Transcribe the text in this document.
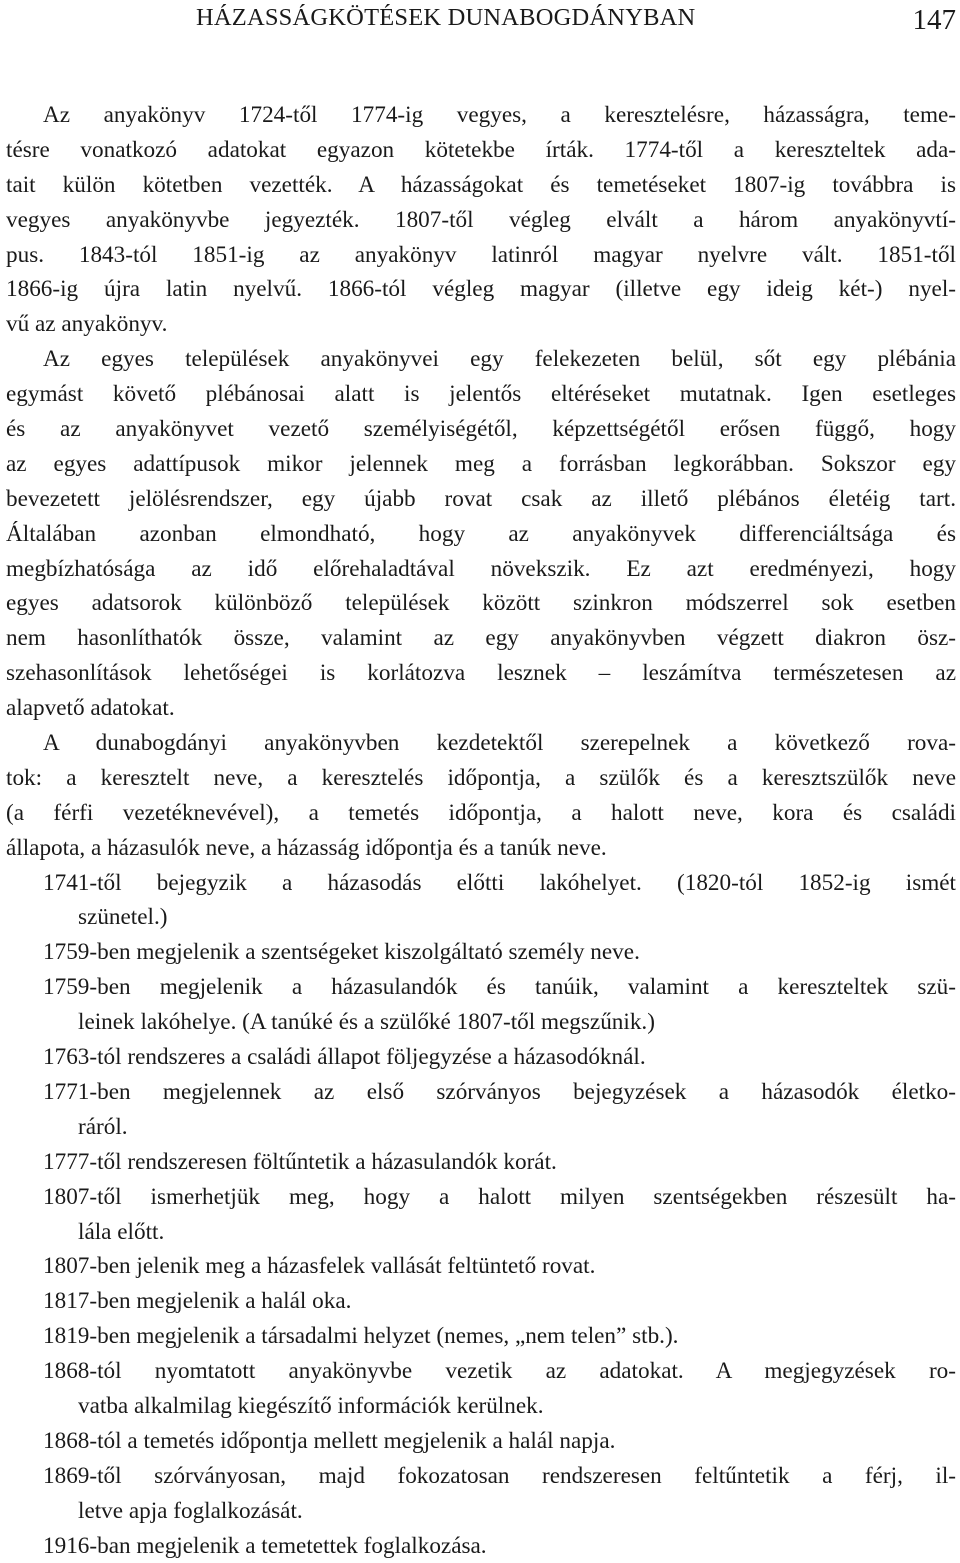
HÁZASSÁGKÖTÉSEK DUNABOGDÁNYBAN	147
Az anyakönyv 1724-től 1774-ig vegyes, a keresztelésre, házasságra, teme-
tésre vonatkozó adatokat egyazon kötetekbe írták. 1774-től a kereszteltek ada-
tait külön kötetben vezették. A házasságokat és temetéseket 1807-ig továbbra is
vegyes anyakönyvbe jegyezték. 1807-től végleg elvált a három anyakönyvtí-
pus. 1843-tól 1851-ig az anyakönyv latinról magyar nyelvre vált. 1851-től
1866-ig újra latin nyelvű. 1866-tól végleg magyar (illetve egy ideig két-) nyel-
vű az anyakönyv.
Az egyes települések anyakönyvei egy felekezeten belül, sőt egy plébánia
egymást követő plébánosai alatt is jelentős eltéréseket mutatnak. Igen esetleges
és az anyakönyvet vezető személyiségétől, képzettségétől erősen függő, hogy
az egyes adattípusok mikor jelennek meg a forrásban legkorábban. Sokszor egy
bevezetett jelölésrendszer, egy újabb rovat csak az illető plébános életéig tart.
Általában azonban elmondható, hogy az anyakönyvek differenciáltsága és
megbízhatósága az idő előrehaladtával növekszik. Ez azt eredményezi, hogy
egyes adatsorok különböző települések között szinkron módszerrel sok esetben
nem hasonlíthatók össze, valamint az egy anyakönyvben végzett diakron ösz-
szehasonlítások lehetőségei is korlátozva lesznek – leszámítva természetesen az
alapvető adatokat.
A dunabogdányi anyakönyvben kezdetektől szerepelnek a következő rova-
tok: a keresztelt neve, a keresztelés időpontja, a szülők és a keresztszülők neve
(a férfi vezetéknevével), a temetés időpontja, a halott neve, kora és családi
állapota, a házasulók neve, a házasság időpontja és a tanúk neve.
1741-től bejegyzik a házasodás előtti lakóhelyet. (1820-tól 1852-ig ismét
szünetel.)
1759-ben megjelenik a szentségeket kiszolgáltató személy neve.
1759-ben megjelenik a házasulandók és tanúik, valamint a kereszteltek szü-
leinek lakóhelye. (A tanúké és a szülőké 1807-től megszűnik.)
1763-tól rendszeres a családi állapot följegyzése a házasodóknál.
1771-ben megjelennek az első szórványos bejegyzések a házasodók életko-
ráról.
1777-től rendszeresen föltűntetik a házasulandók korát.
1807-től ismerhetjük meg, hogy a halott milyen szentségekben részesült ha-
lála előtt.
1807-ben jelenik meg a házasfelek vallását feltüntető rovat.
1817-ben megjelenik a halál oka.
1819-ben megjelenik a társadalmi helyzet (nemes, „nem telen” stb.).
1868-tól nyomtatott anyakönyvbe vezetik az adatokat. A megjegyzések ro-
vatba alkalmilag kiegészítő információk kerülnek.
1868-tól a temetés időpontja mellett megjelenik a halál napja.
1869-től szórványosan, majd fokozatosan rendszeresen feltűntetik a férj, il-
letve apja foglalkozását.
1916-ban megjelenik a temetettek foglalkozása.
